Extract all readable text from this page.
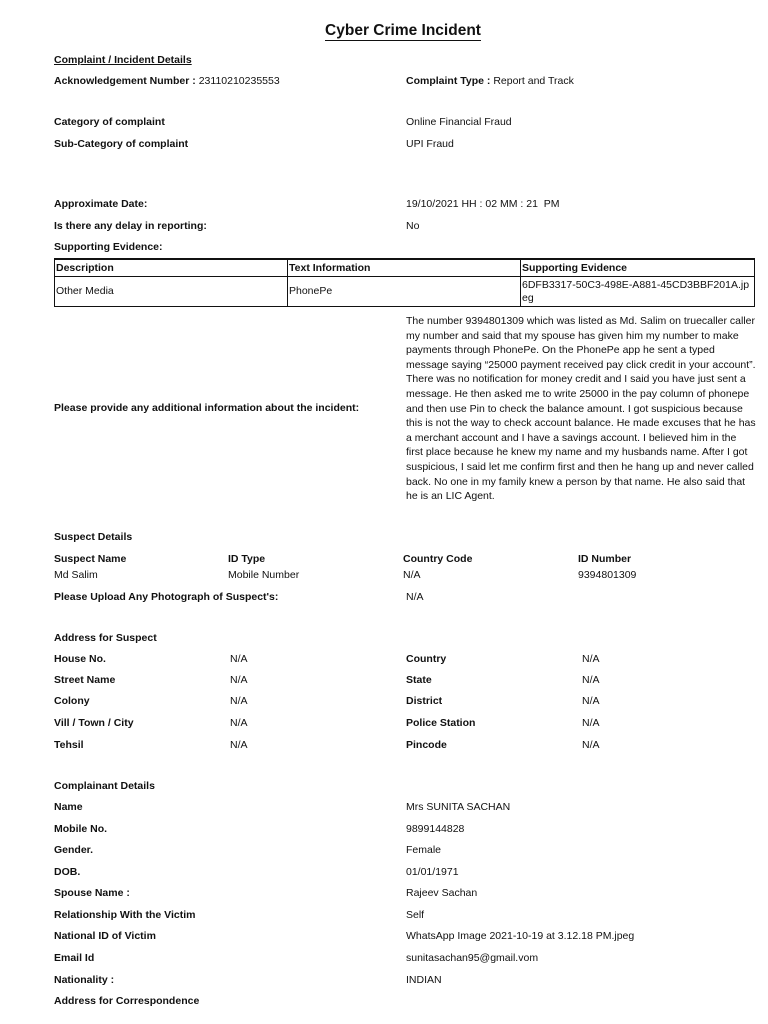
Cyber Crime Incident
Complaint / Incident Details
Acknowledgement Number : 23110210235553	Complaint Type : Report and Track
Category of complaint	Online Financial Fraud
Sub-Category of complaint	UPI Fraud
Approximate Date:	19/10/2021 HH : 02 MM : 21  PM
Is there any delay in reporting:	No
Supporting Evidence:
Description	Text Information	Supporting Evidence
Other Media	PhonePe	6DFB3317-50C3-498E-A881-45CD3BBF201A.jpeg
Please provide any additional information about the incident:
The number 9394801309 which was listed as Md. Salim on truecaller caller my number and said that my spouse has given him my number to make payments through PhonePe. On the PhonePe app he sent a typed message saying “25000 payment received pay click credit in your account”. There was no notification for money credit and I said you have just sent a message. He then asked me to write 25000 in the pay column of phonepe and then use Pin to check the balance amount. I got suspicious because this is not the way to check account balance. He made excuses that he has a merchant account and I have a savings account. I believed him in the first place because he knew my name and my husbands name. After I got suspicious, I said let me confirm first and then he hang up and never called back. No one in my family knew a person by that name. He also said that he is an LIC Agent.
Suspect Details
Suspect Name	ID Type	Country Code	ID Number
Md Salim	Mobile Number	N/A	9394801309
Please Upload Any Photograph of Suspect's:	N/A
Address for Suspect
House No.	N/A	Country	N/A
Street Name	N/A	State	N/A
Colony	N/A	District	N/A
Vill / Town / City	N/A	Police Station	N/A
Tehsil	N/A	Pincode	N/A
Complainant Details
Name	Mrs SUNITA SACHAN
Mobile No.	9899144828
Gender.	Female
DOB.	01/01/1971
Spouse Name :	Rajeev Sachan
Relationship With the Victim	Self
National ID of Victim	WhatsApp Image 2021-10-19 at 3.12.18 PM.jpeg
Email Id	sunitasachan95@gmail.vom
Nationality :	INDIAN
Address for Correspondence
